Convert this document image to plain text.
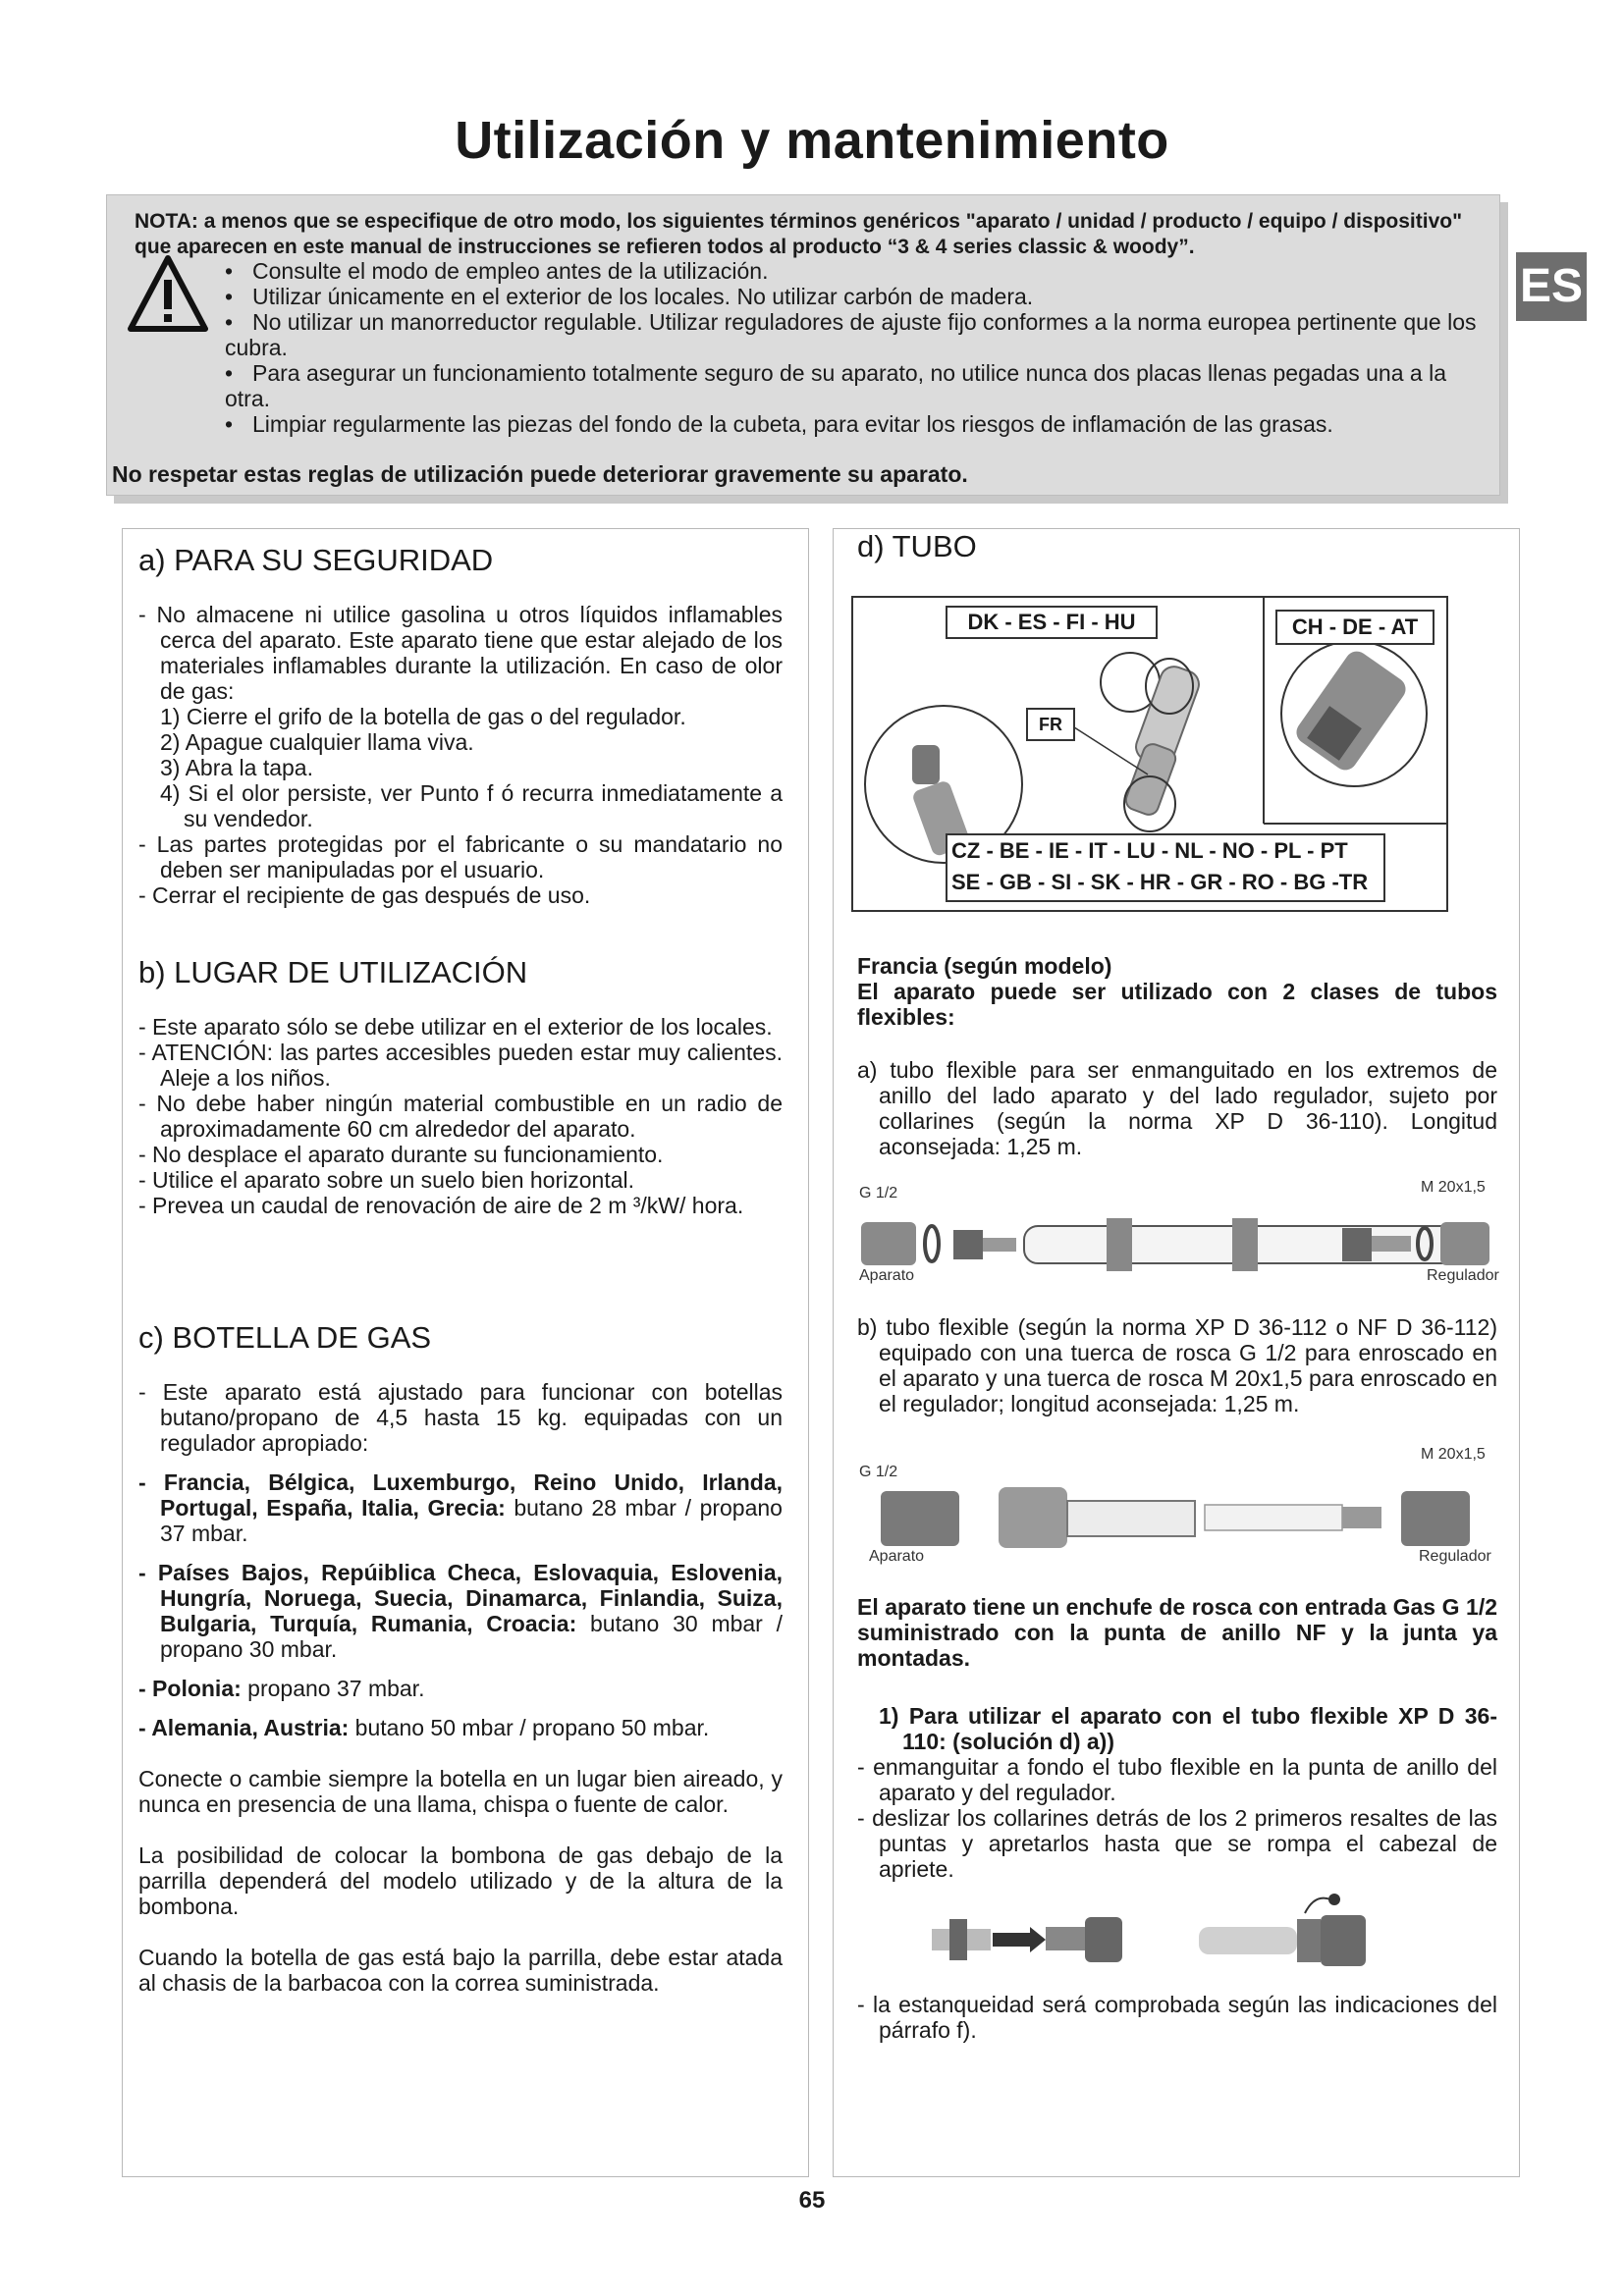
Utilización y mantenimiento
ES
NOTA: a menos que se especifique de otro modo, los siguientes términos genéricos "aparato / unidad / producto / equipo / dispositivo" que aparecen en este manual de instrucciones se refieren todos al producto “3 & 4 series classic & woody”.
• Consulte el modo de empleo antes de la utilización.
• Utilizar únicamente en el exterior de los locales. No utilizar carbón de madera.
• No utilizar un manorreductor regulable. Utilizar reguladores de ajuste fijo conformes a la norma europea pertinente que los cubra.
• Para asegurar un funcionamiento totalmente seguro de su aparato, no utilice nunca dos placas llenas pegadas una a la otra.
• Limpiar regularmente las piezas del fondo de la cubeta, para evitar los riesgos de inflamación de las grasas.
No respetar estas reglas de utilización puede deteriorar gravemente su aparato.
a) PARA SU SEGURIDAD
- No almacene ni utilice gasolina u otros líquidos inflamables cerca del aparato. Este aparato tiene que estar alejado de los materiales inflamables durante la utilización. En caso de olor de gas:
1) Cierre el grifo de la botella de gas o del regulador.
2) Apague cualquier llama viva.
3) Abra la tapa.
4) Si el olor persiste, ver Punto f ó recurra inmediatamente a su vendedor.
- Las partes protegidas por el fabricante o su mandatario no deben ser manipuladas por el usuario.
- Cerrar el recipiente de gas después de uso.
b) LUGAR DE UTILIZACIÓN
- Este aparato sólo se debe utilizar en el exterior de los locales.
- ATENCIÓN: las partes accesibles pueden estar muy calientes. Aleje a los niños.
- No debe haber ningún material combustible en un radio de aproximadamente 60 cm alrededor del aparato.
- No desplace el aparato durante su funcionamiento.
- Utilice el aparato sobre un suelo bien horizontal.
- Prevea un caudal de renovación de aire de 2 m ³/kW/ hora.
c) BOTELLA DE GAS
- Este aparato está ajustado para funcionar con botellas butano/propano de 4,5 hasta 15 kg. equipadas con un regulador apropiado:
- Francia, Bélgica, Luxemburgo, Reino Unido, Irlanda, Portugal, España, Italia, Grecia: butano 28 mbar / propano 37 mbar.
- Países Bajos, Repúiblica Checa, Eslovaquia, Eslovenia, Hungría, Noruega, Suecia, Dinamarca, Finlandia, Suiza, Bulgaria, Turquía, Rumania, Croacia: butano 30 mbar / propano 30 mbar.
- Polonia: propano 37 mbar.
- Alemania, Austria: butano 50 mbar / propano 50 mbar.
Conecte o cambie siempre la botella en un lugar bien aireado, y nunca en presencia de una llama, chispa o fuente de calor.
La posibilidad de colocar la bombona de gas debajo de la parrilla dependerá del modelo utilizado y de la altura de la bombona.
Cuando la botella de gas está bajo la parrilla, debe estar atada al chasis de la barbacoa con la correa suministrada.
d) TUBO
DK - ES - FI - HU	CH - DE - AT
FR
CZ - BE - IE - IT - LU - NL - NO - PL - PT
SE - GB - SI - SK - HR - GR - RO - BG -TR
Francia (según modelo)
El aparato puede ser utilizado con 2 clases de tubos flexibles:
a) tubo flexible para ser enmanguitado en los extremos de anillo del lado aparato y del lado regulador, sujeto por collarines (según la norma XP D 36-110). Longitud aconsejada: 1,25 m.
G 1/2	M 20x1,5
Aparato	Regulador
b) tubo flexible (según la norma XP D 36-112 o NF D 36-112) equipado con una tuerca de rosca G 1/2 para enroscado en el aparato y una tuerca de rosca M 20x1,5 para enroscado en el regulador; longitud aconsejada: 1,25 m.
G 1/2
M 20x1,5
Aparato	Regulador
El aparato tiene un enchufe de rosca con entrada Gas G 1/2 suministrado con la punta de anillo NF y la junta ya montadas.
1) Para utilizar el aparato con el tubo flexible XP D 36-110: (solución d) a))
- enmanguitar a fondo el tubo flexible en la punta de anillo del aparato y del regulador.
- deslizar los collarines detrás de los 2 primeros resaltes de las puntas y apretarlos hasta que se rompa el cabezal de apriete.
- la estanqueidad será comprobada según las indicaciones del párrafo f).
65
